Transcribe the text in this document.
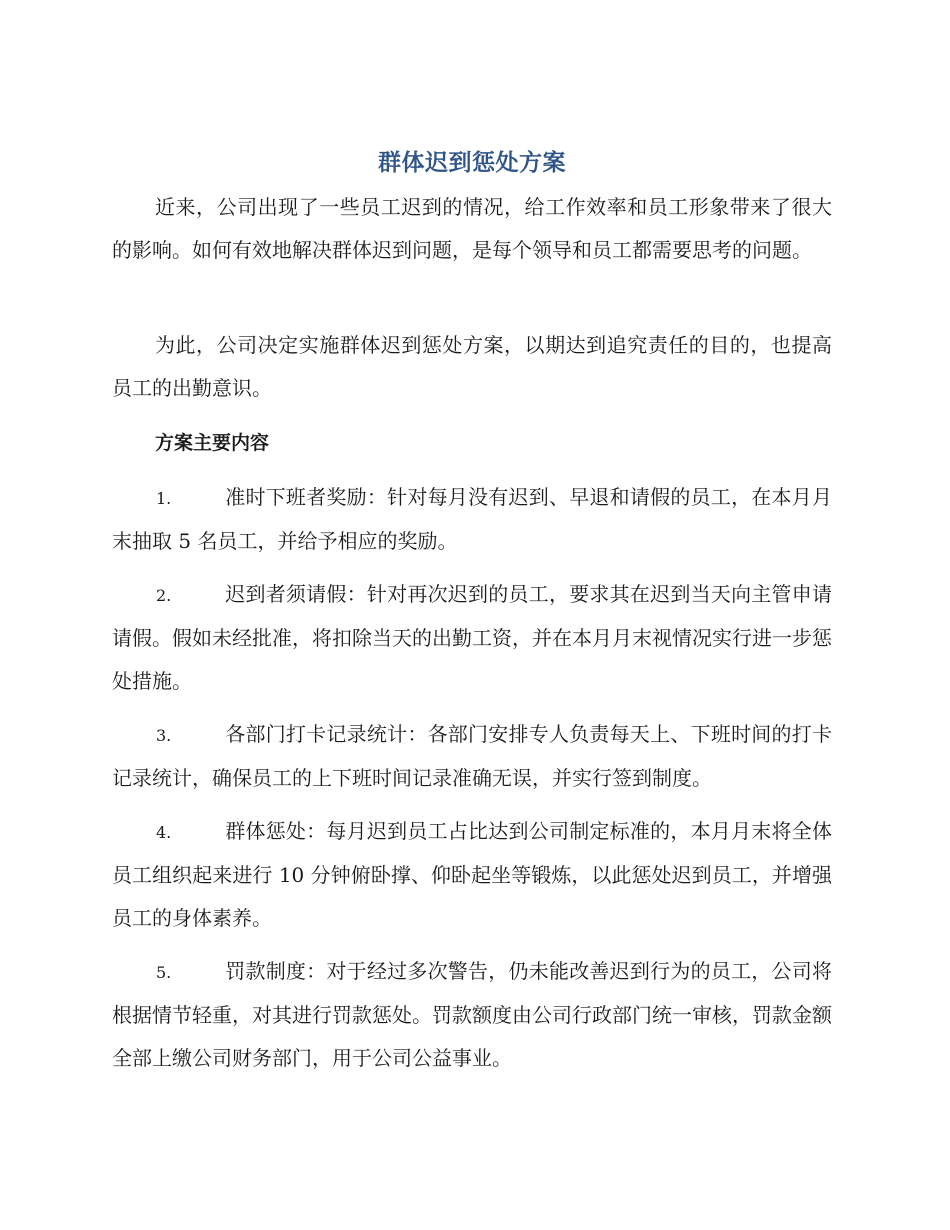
群体迟到惩处方案

近来，公司出现了一些员工迟到的情况，给工作效率和员工形象带来了很大的影响。如何有效地解决群体迟到问题，是每个领导和员工都需要思考的问题。

为此，公司决定实施群体迟到惩处方案，以期达到追究责任的目的，也提高员工的出勤意识。

方案主要内容
1.	准时下班者奖励：针对每月没有迟到、早退和请假的员工，在本月月末抽取 5 名员工，并给予相应的奖励。
2.	迟到者须请假：针对再次迟到的员工，要求其在迟到当天向主管申请请假。假如未经批准，将扣除当天的出勤工资，并在本月月末视情况实行进一步惩处措施。
3.	各部门打卡记录统计：各部门安排专人负责每天上、下班时间的打卡记录统计，确保员工的上下班时间记录准确无误，并实行签到制度。
4.	群体惩处：每月迟到员工占比达到公司制定标准的，本月月末将全体员工组织起来进行 10 分钟俯卧撑、仰卧起坐等锻炼，以此惩处迟到员工，并增强员工的身体素养。
5.	罚款制度：对于经过多次警告，仍未能改善迟到行为的员工，公司将根据情节轻重，对其进行罚款惩处。罚款额度由公司行政部门统一审核，罚款金额全部上缴公司财务部门，用于公司公益事业。
